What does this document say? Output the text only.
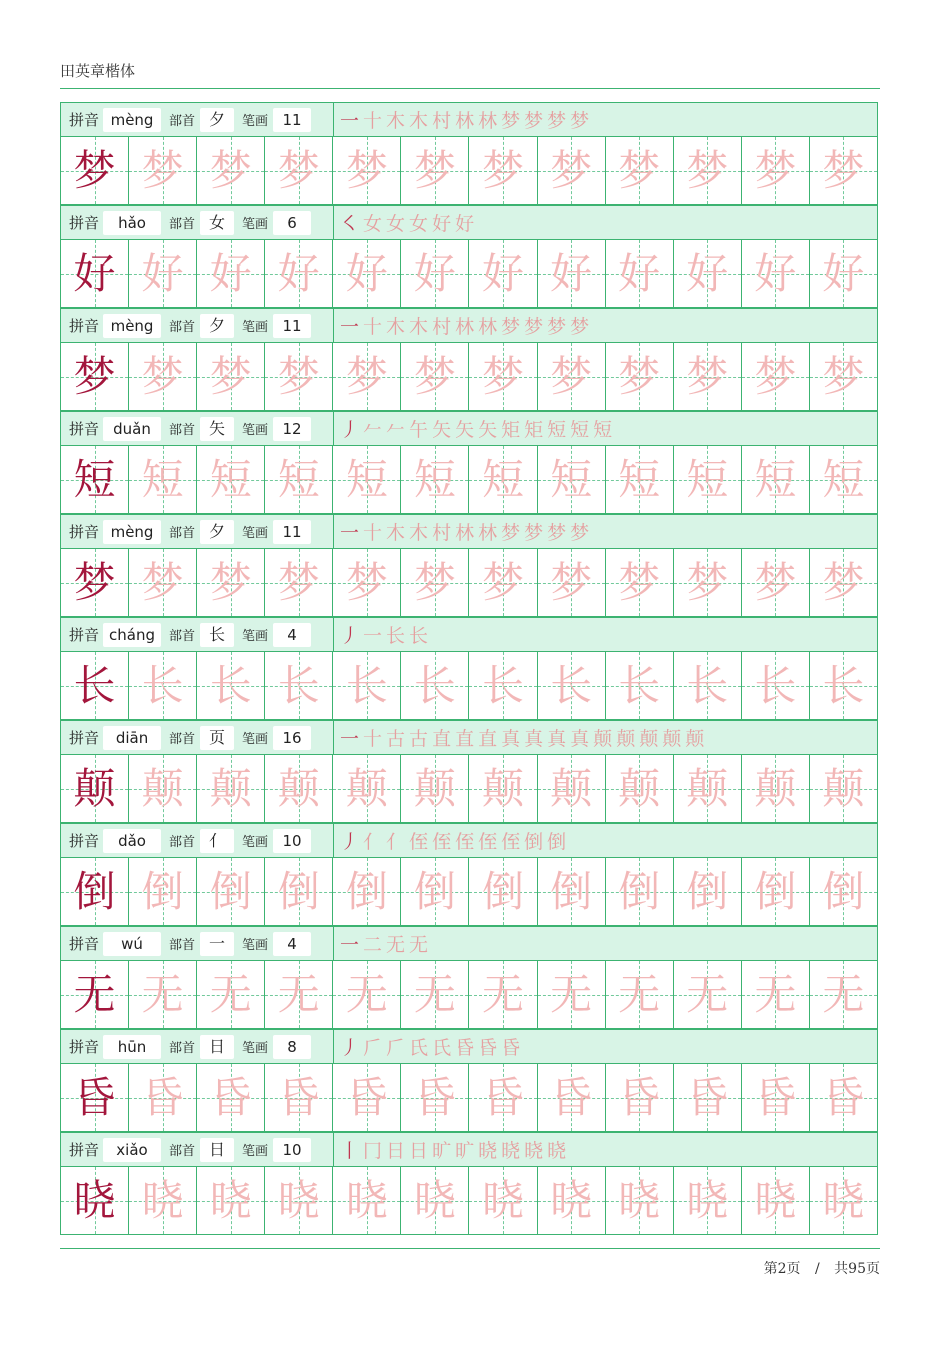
田英章楷体
拼音 mèng	部首 夕	笔画 11	一 十 木 木 村 林 林 梦 梦 梦 梦
梦 梦 梦 梦 梦 梦 梦 梦 梦 梦 梦 梦
拼音	hǎo	部首 女	笔画	6	㇛ 女 女 女 好 好
好 好 好 好 好 好 好 好 好 好 好 好
拼音 mèng	部首 夕	笔画 11	一 十 木 木 村 林 林 梦 梦 梦 梦
梦 梦 梦 梦 梦 梦 梦 梦 梦 梦 梦 梦
拼音 duǎn	部首 矢	笔画 12	丿 𠂉 𠂉 午 矢 矢 矢 矩 矩 短 短 短
短 短 短 短 短 短 短 短 短 短 短 短
拼音 mèng	部首 夕	笔画 11	一 十 木 木 村 林 林 梦 梦 梦 梦
梦 梦 梦 梦 梦 梦 梦 梦 梦 梦 梦 梦
拼音 cháng	部首 长	笔画	4	丿 一 长 长
长 长 长 长 长 长 长 长 长 长 长 长
拼音	diān	部首 页	笔画 16	一 十 古 古 直 直 直 真 真 真 真 颠 颠 颠 颠 颠
颠 颠 颠 颠 颠 颠 颠 颠 颠 颠 颠 颠
拼音	dǎo	部首 亻	笔画 10	丿 亻 亻 侄 侄 侄 侄 侄 倒 倒
倒 倒 倒 倒 倒 倒 倒 倒 倒 倒 倒 倒
拼音	wú	部首 一	笔画	4	一 二 无 无
无 无 无 无 无 无 无 无 无 无 无 无
拼音	hūn	部首 日	笔画	8	丿 𠂆 𠂆 氏 氏 昏 昏 昏
昏 昏 昏 昏 昏 昏 昏 昏 昏 昏 昏 昏
拼音	xiǎo	部首 日	笔画 10	丨 冂 日 日 旷 旷 晓 晓 晓 晓
晓 晓 晓 晓 晓 晓 晓 晓 晓 晓 晓 晓
第2页 / 共95页
